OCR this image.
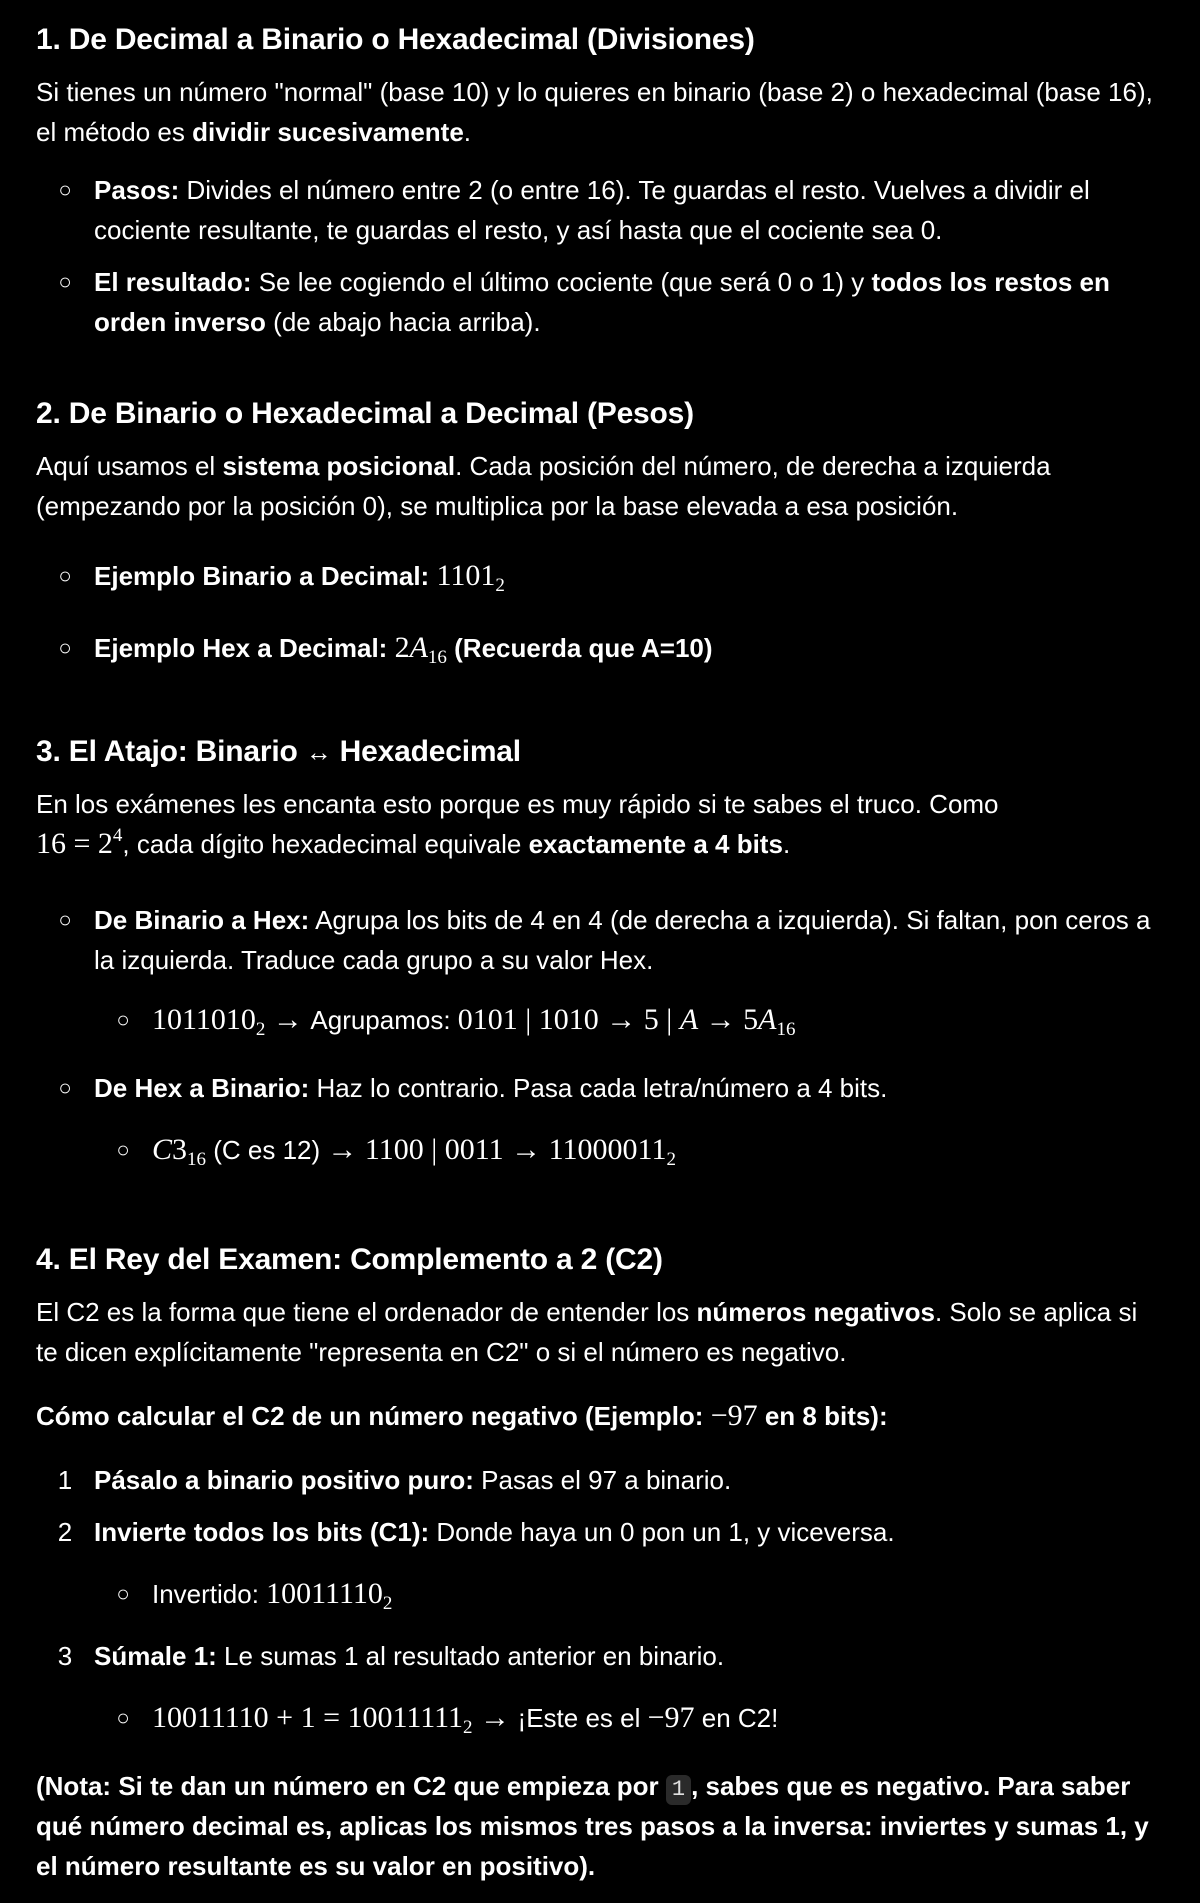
1. De Decimal a Binario o Hexadecimal (Divisiones)

Si tienes un número "normal" (base 10) y lo quieres en binario (base 2) o hexadecimal (base 16), el método es dividir sucesivamente.

○ Pasos: Divides el número entre 2 (o entre 16). Te guardas el resto. Vuelves a dividir el cociente resultante, te guardas el resto, y así hasta que el cociente sea 0.
○ El resultado: Se lee cogiendo el último cociente (que será 0 o 1) y todos los restos en orden inverso (de abajo hacia arriba).
2. De Binario o Hexadecimal a Decimal (Pesos)

Aquí usamos el sistema posicional. Cada posición del número, de derecha a izquierda (empezando por la posición 0), se multiplica por la base elevada a esa posición.

○ Ejemplo Binario a Decimal: $1101_2$
○ Ejemplo Hex a Decimal: $2A_{16}$ (Recuerda que A=10)
3. El Atajo: Binario ↔ Hexadecimal

En los exámenes les encanta esto porque es muy rápido si te sabes el truco. Como
$16 = 2^4$, cada dígito hexadecimal equivale exactamente a 4 bits.

○ De Binario a Hex: Agrupa los bits de 4 en 4 (de derecha a izquierda). Si faltan, pon ceros a la izquierda. Traduce cada grupo a su valor Hex.
○ $1011010_2$ → Agrupamos: 0101 | 1010 → 5 | $A \to 5A_{16}$
○ De Hex a Binario: Haz lo contrario. Pasa cada letra/número a 4 bits.
○ $C3_{16}$ (C es 12) → 1100 | $0011 \to 11000011_2$
4. El Rey del Examen: Complemento a 2 (C2)

El C2 es la forma que tiene el ordenador de entender los números negativos. Solo se aplica si te dicen explícitamente "representa en C2" o si el número es negativo.

Cómo calcular el C2 de un número negativo (Ejemplo: −97 en 8 bits):

1 Pásalo a binario positivo puro: Pasas el 97 a binario.
2 Invierte todos los bits (C1): Donde haya un 0 pon un 1, y viceversa.
○ Invertido: $10011110_2$
3 Súmale 1: Le sumas 1 al resultado anterior en binario.
○ $10011110 + 1 = 10011111_2$ → ¡Este es el −97 en C2!

(Nota: Si te dan un número en C2 que empieza por 1 , sabes que es negativo. Para saber qué número decimal es, aplicas los mismos tres pasos a la inversa: inviertes y sumas 1, y el número resultante es su valor en positivo).
